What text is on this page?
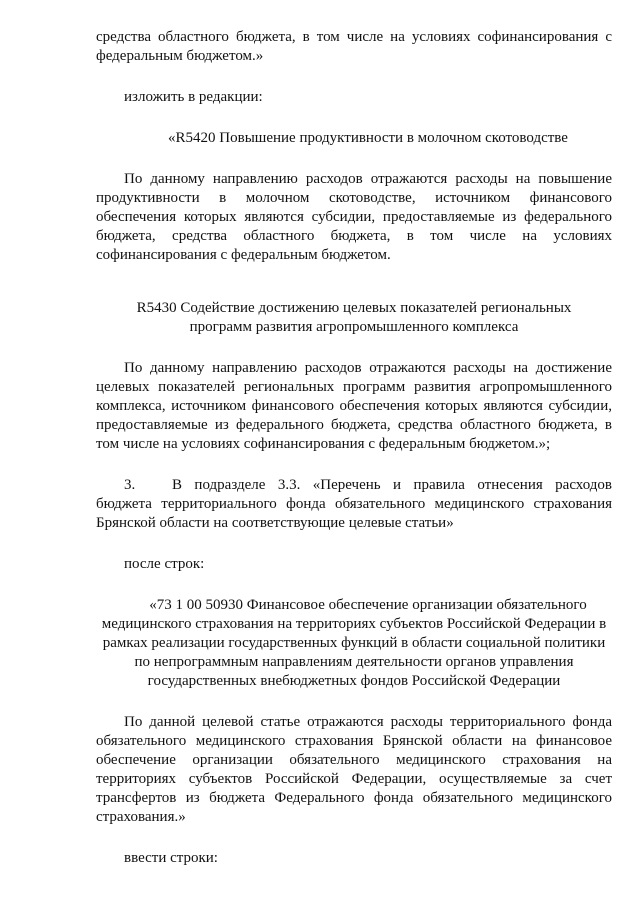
средства областного бюджета, в том числе на условиях софинансирования с

федеральным бюджетом.»

изложить в редакции:

«R5420 Повышение продуктивности в молочном скотоводстве

По данному направлению расходов отражаются расходы на повышение

продуктивности в молочном скотоводстве, источником финансового

обеспечения которых являются субсидии, предоставляемые из федерального

бюджета, средства областного бюджета, в том числе на условиях

софинансирования с федеральным бюджетом.

R5430 Содействие достижению целевых показателей региональных

программ развития агропромышленного комплекса

По данному направлению расходов отражаются расходы на достижение

целевых показателей региональных программ развития агропромышленного

комплекса, источником финансового обеспечения которых являются субсидии,

предоставляемые из федерального бюджета, средства областного бюджета, в

том числе на условиях софинансирования с федеральным бюджетом.»;

3. В подразделе 3.3. «Перечень и правила отнесения расходов

бюджета территориального фонда обязательного медицинского страхования

Брянской области на соответствующие целевые статьи»

после строк:

«73 1 00 50930 Финансовое обеспечение организации обязательного

медицинского страхования на территориях субъектов Российской Федерации в

рамках реализации государственных функций в области социальной политики

по непрограммным направлениям деятельности органов управления

государственных внебюджетных фондов Российской Федерации

По данной целевой статье отражаются расходы территориального фонда

обязательного медицинского страхования Брянской области на финансовое

обеспечение организации обязательного медицинского страхования на

территориях субъектов Российской Федерации, осуществляемые за счет

трансфертов из бюджета Федерального фонда обязательного медицинского

страхования.»

ввести строки:
